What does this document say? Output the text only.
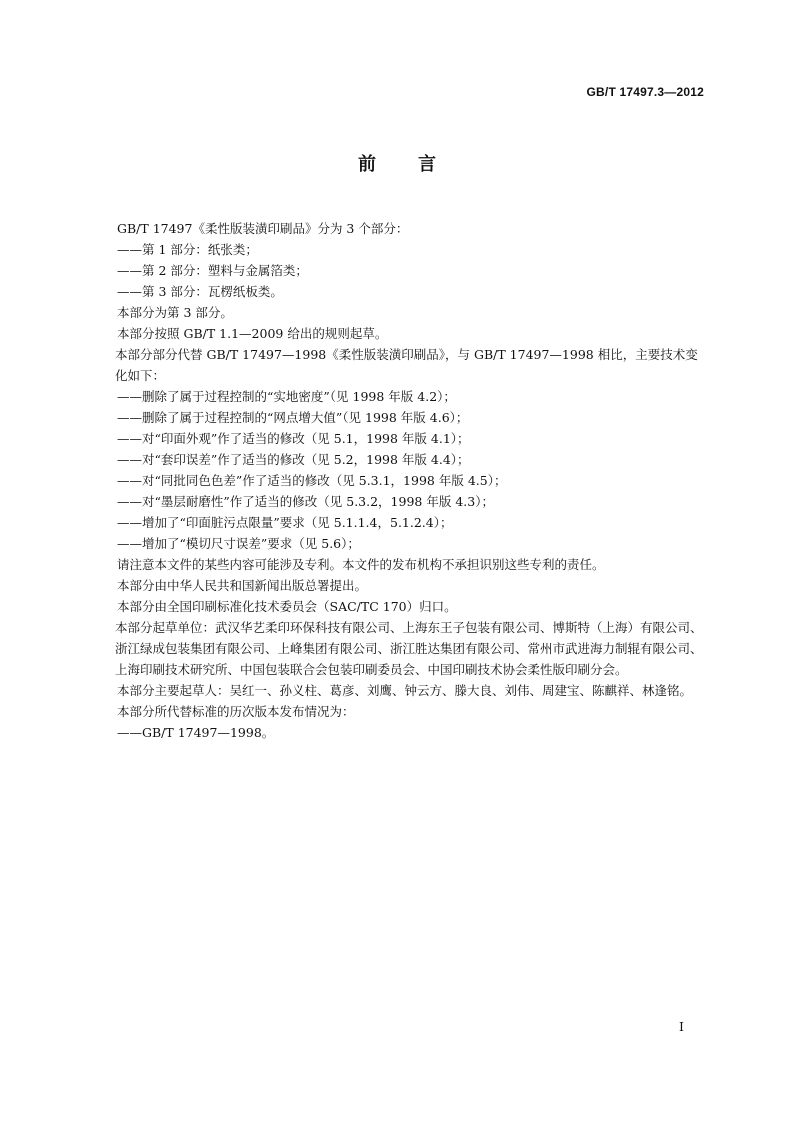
GB/T 17497.3—2012
前言

GB/T 17497《柔性版装潢印刷品》分为 3 个部分：

——第 1 部分：纸张类；

——第 2 部分：塑料与金属箔类；

——第 3 部分：瓦楞纸板类。

本部分为第 3 部分。

本部分按照 GB/T 1.1—2009 给出的规则起草。

本部分部分代替 GB/T 17497—1998《柔性版装潢印刷品》，与 GB/T 17497—1998 相比，主要技术变化如下：

——删除了属于过程控制的“实地密度”（见 1998 年版 4.2）；

——删除了属于过程控制的“网点增大值”（见 1998 年版 4.6）；

——对“印面外观”作了适当的修改（见 5.1，1998 年版 4.1）；

——对“套印误差”作了适当的修改（见 5.2，1998 年版 4.4）；

——对“同批同色色差”作了适当的修改（见 5.3.1，1998 年版 4.5）；

——对“墨层耐磨性”作了适当的修改（见 5.3.2，1998 年版 4.3）；

——增加了“印面脏污点限量”要求（见 5.1.1.4，5.1.2.4）；

——增加了“模切尺寸误差”要求（见 5.6）；

请注意本文件的某些内容可能涉及专利。本文件的发布机构不承担识别这些专利的责任。

本部分由中华人民共和国新闻出版总署提出。

本部分由全国印刷标准化技术委员会（SAC/TC 170）归口。

本部分起草单位：武汉华艺柔印环保科技有限公司、上海东王子包装有限公司、博斯特（上海）有限公司、浙江绿成包装集团有限公司、上峰集团有限公司、浙江胜达集团有限公司、常州市武进海力制辊有限公司、上海印刷技术研究所、中国包装联合会包装印刷委员会、中国印刷技术协会柔性版印刷分会。

本部分主要起草人：吴红一、孙义柱、葛彦、刘鹰、钟云方、滕大良、刘伟、周建宝、陈麒祥、林逢铭。

本部分所代替标准的历次版本发布情况为：

——GB/T 17497—1998。

I
